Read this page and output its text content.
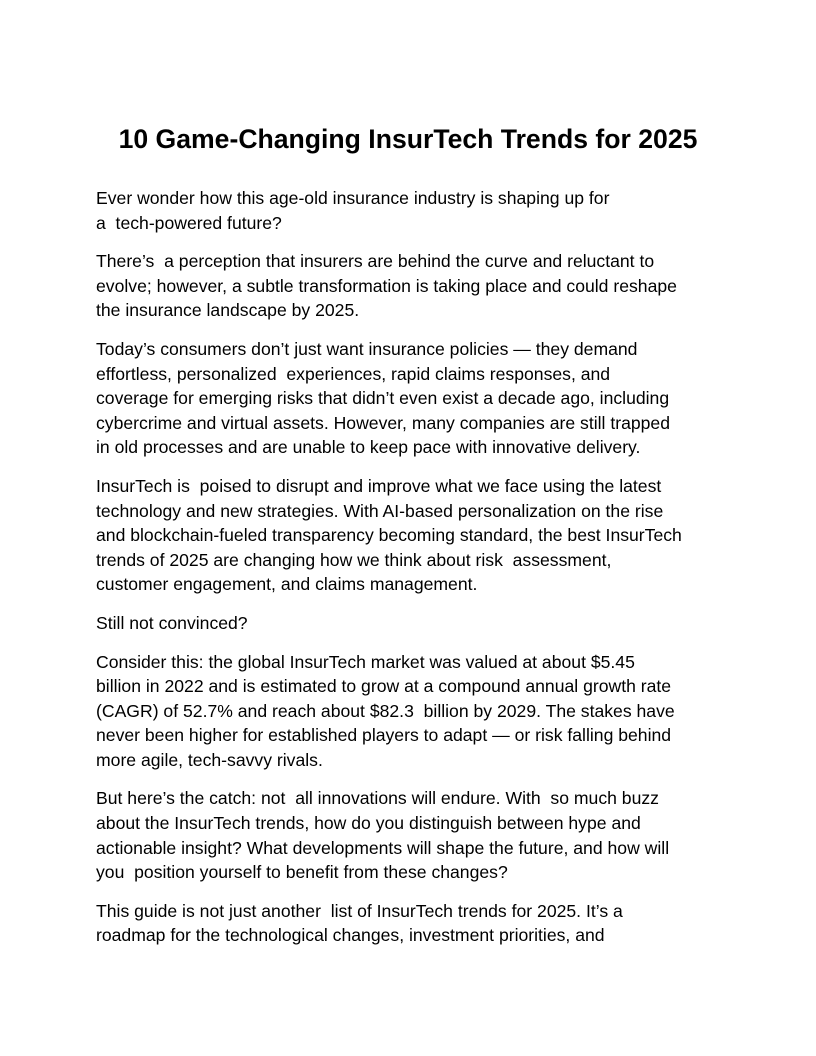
10 Game-Changing InsurTech Trends for 2025

Ever wonder how this age-old insurance industry is shaping up for
a  tech-powered future?

There’s  a perception that insurers are behind the curve and reluctant to
evolve; however, a subtle transformation is taking place and could reshape
the insurance landscape by 2025.

Today’s consumers don’t just want insurance policies — they demand
effortless, personalized  experiences, rapid claims responses, and
coverage for emerging risks that didn’t even exist a decade ago, including
cybercrime and virtual assets. However, many companies are still trapped
in old processes and are unable to keep pace with innovative delivery.

InsurTech is  poised to disrupt and improve what we face using the latest
technology and new strategies. With AI-based personalization on the rise
and blockchain-fueled transparency becoming standard, the best InsurTech
trends of 2025 are changing how we think about risk  assessment,
customer engagement, and claims management.

Still not convinced?

Consider this: the global InsurTech market was valued at about $5.45
billion in 2022 and is estimated to grow at a compound annual growth rate
(CAGR) of 52.7% and reach about $82.3  billion by 2029. The stakes have
never been higher for established players to adapt — or risk falling behind
more agile, tech-savvy rivals.

But here’s the catch: not  all innovations will endure. With  so much buzz
about the InsurTech trends, how do you distinguish between hype and
actionable insight? What developments will shape the future, and how will
you  position yourself to benefit from these changes?

This guide is not just another  list of InsurTech trends for 2025. It’s a
roadmap for the technological changes, investment priorities, and
